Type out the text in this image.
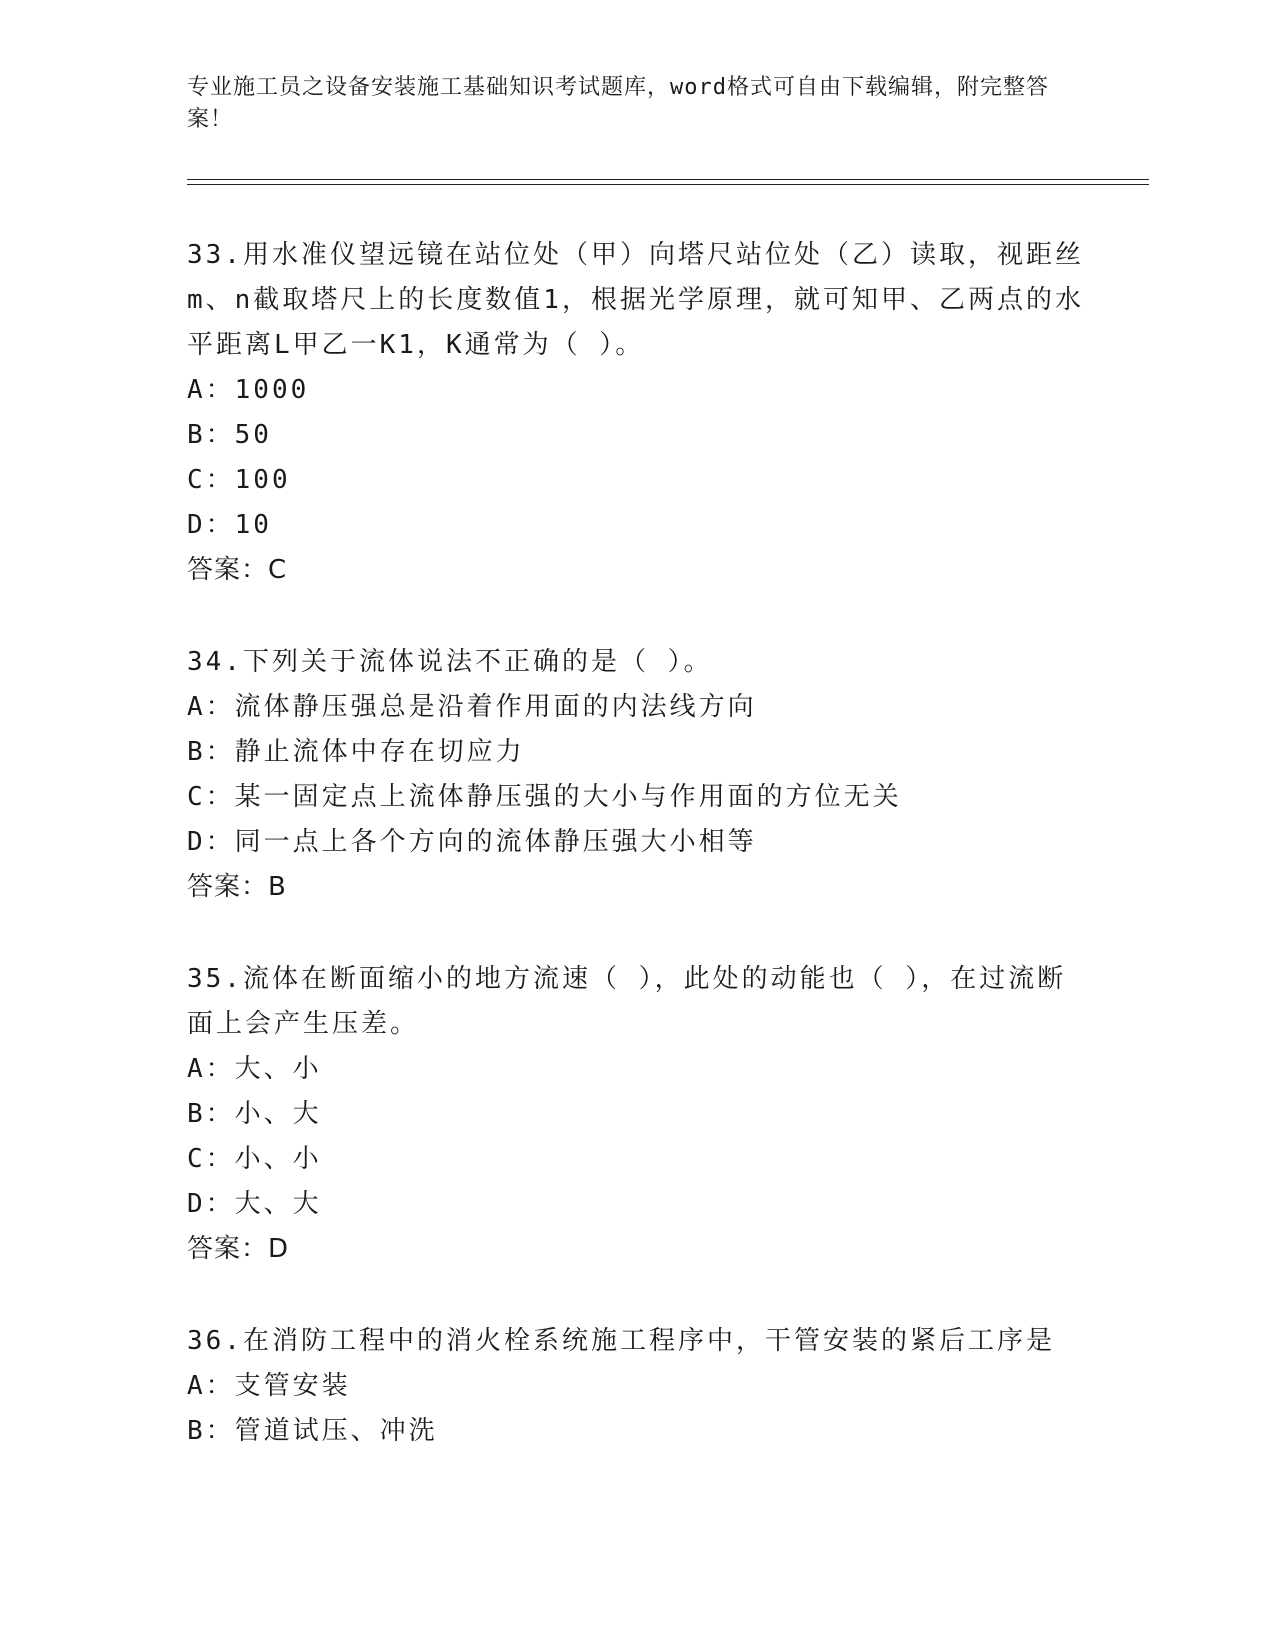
专业施工员之设备安装施工基础知识考试题库，word格式可自由下载编辑，附完整答案！

33.用水准仪望远镜在站位处（甲）向塔尺站位处（乙）读取，视距丝m、n截取塔尺上的长度数值1，根据光学原理，就可知甲、乙两点的水平距离L甲乙一K1，K通常为（ ）。

A： 1000

B： 50

C： 100

D： 10

答案：C

34.下列关于流体说法不正确的是（ ）。

A： 流体静压强总是沿着作用面的内法线方向

B： 静止流体中存在切应力

C： 某一固定点上流体静压强的大小与作用面的方位无关

D： 同一点上各个方向的流体静压强大小相等

答案：B

35.流体在断面缩小的地方流速（ ），此处的动能也（ ），在过流断面上会产生压差。

A： 大、小

B： 小、大

C： 小、小

D： 大、大

答案：D

36.在消防工程中的消火栓系统施工程序中，干管安装的紧后工序是

A： 支管安装

B： 管道试压、冲洗
